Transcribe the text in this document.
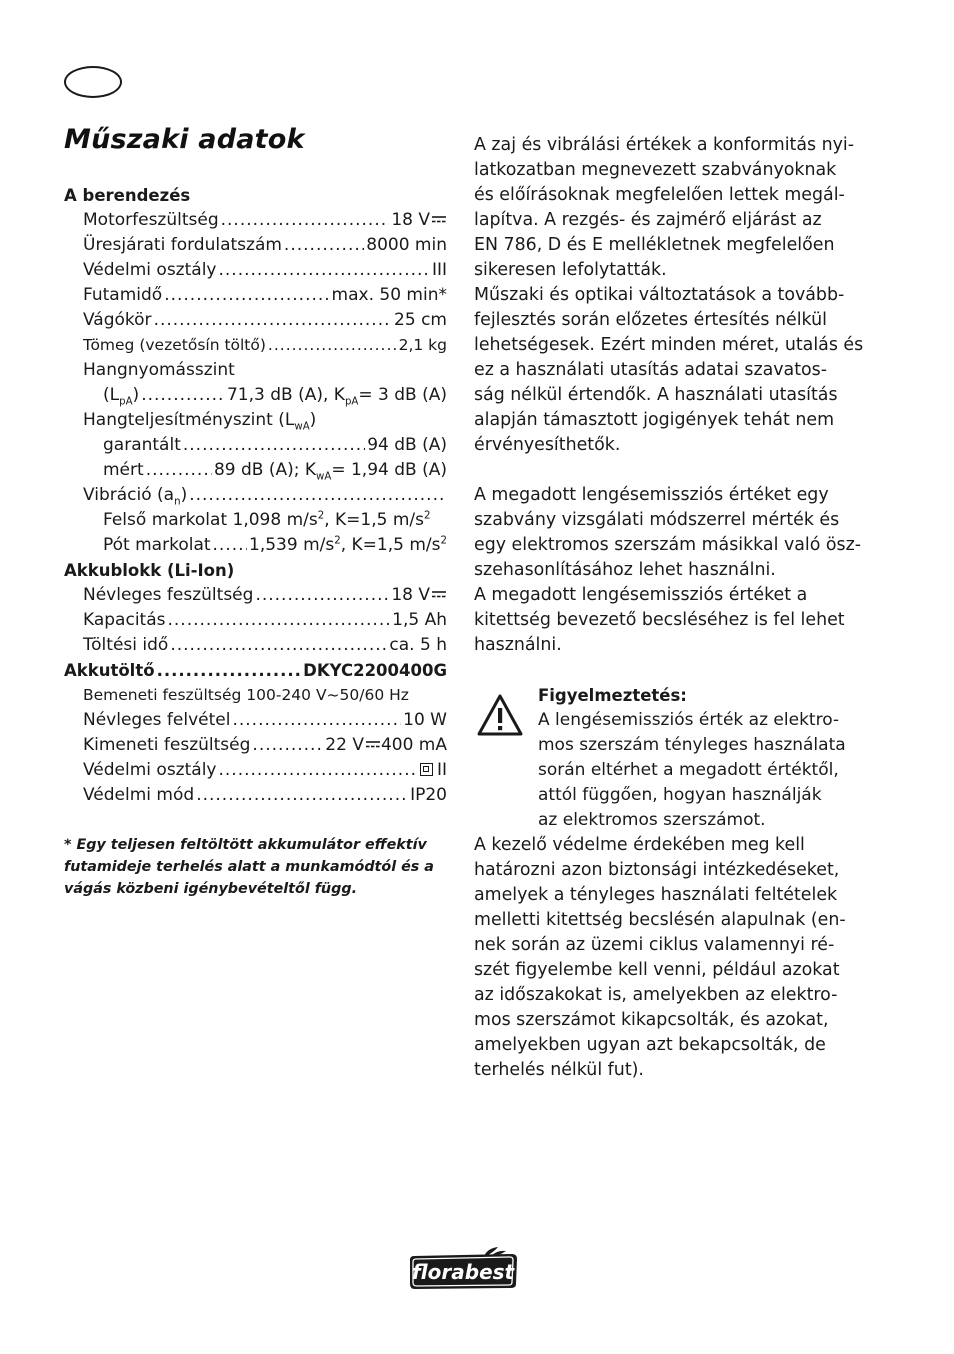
Műszaki adatok
A berendezés
Motorfeszültség .....	18 V
Üresjárati fordulatszám .....	8000 min
Védelmi osztály .....	III
Futamidő .....	max. 50 min*
Vágókör .....	25 cm
Tömeg (vezetősín töltő) .....	2,1 kg
Hangnyomásszint
$(L_{pA})$ .....	71,3 dB (A), $K_{pA}= 3$ dB (A)
Hangteljesítményszint $(L_{wA})$
garantált .....	94 dB (A)
mért .....	89 dB (A); $K_{wA}= 1,94$ dB (A)
Vibráció $(a_n)$
.....
Felső markolat 1,098 $m/s^2$, K=1,5 $m/s^2$
Pót markolat ..... 1,539 $m/s^2$, K=1,5 $m/s^2$
Akkublokk (Li-Ion)
Névleges feszültség .....	18 V
Kapacitás .....	1,5 Ah
Töltési idő .....	ca. 5 h
Akkutöltő .....	DKYC2200400G
Bemeneti feszültség 100-240 V~50/60 Hz
Névleges felvétel .....	10 W
Kimeneti feszültség .....	22 V 400 mA
Védelmi osztály .....	II
Védelmi mód .....	IP20

* Egy teljesen feltöltött akkumulátor effektív futamideje terhelés alatt a munkamódtól és a vágás közbeni igénybevételtől függ.

A zaj és vibrálási értékek a konformitás nyi-
latkozatban megnevezett szabványoknak
és előírásoknak megfelelően lettek megál-
lapítva. A rezgés- és zajmérő eljárást az
EN 786, D és E mellékletnek megfelelően
sikeresen lefolytatták.
Műszaki és optikai változtatások a tovább-
fejlesztés során előzetes értesítés nélkül
lehetségesek. Ezért minden méret, utalás és
ez a használati utasítás adatai szavatos-
ság nélkül értendők. A használati utasítás
alapján támasztott jogigények tehát nem
érvényesíthetők.
A megadott lengésemissziós értéket egy
szabvány vizsgálati módszerrel mérték és
egy elektromos szerszám másikkal való ösz-
szehasonlításához lehet használni.
A megadott lengésemissziós értéket a
kitettség bevezető becsléséhez is fel lehet
használni.

Figyelmeztetés:

A lengésemissziós érték az elektro-
mos szerszám tényleges használata
során eltérhet a megadott értéktől,
attól függően, hogyan használják
az elektromos szerszámot.
A kezelő védelme érdekében meg kell
határozni azon biztonsági intézkedéseket,
amelyek a tényleges használati feltételek
melletti kitettség becslésén alapulnak (en-
nek során az üzemi ciklus valamennyi ré-
szét figyelembe kell venni, például azokat
az időszakokat is, amelyekben az elektro-
mos szerszámot kikapcsolták, és azokat,
amelyekben ugyan azt bekapcsolták, de
terhelés nélkül fut).
florabest
